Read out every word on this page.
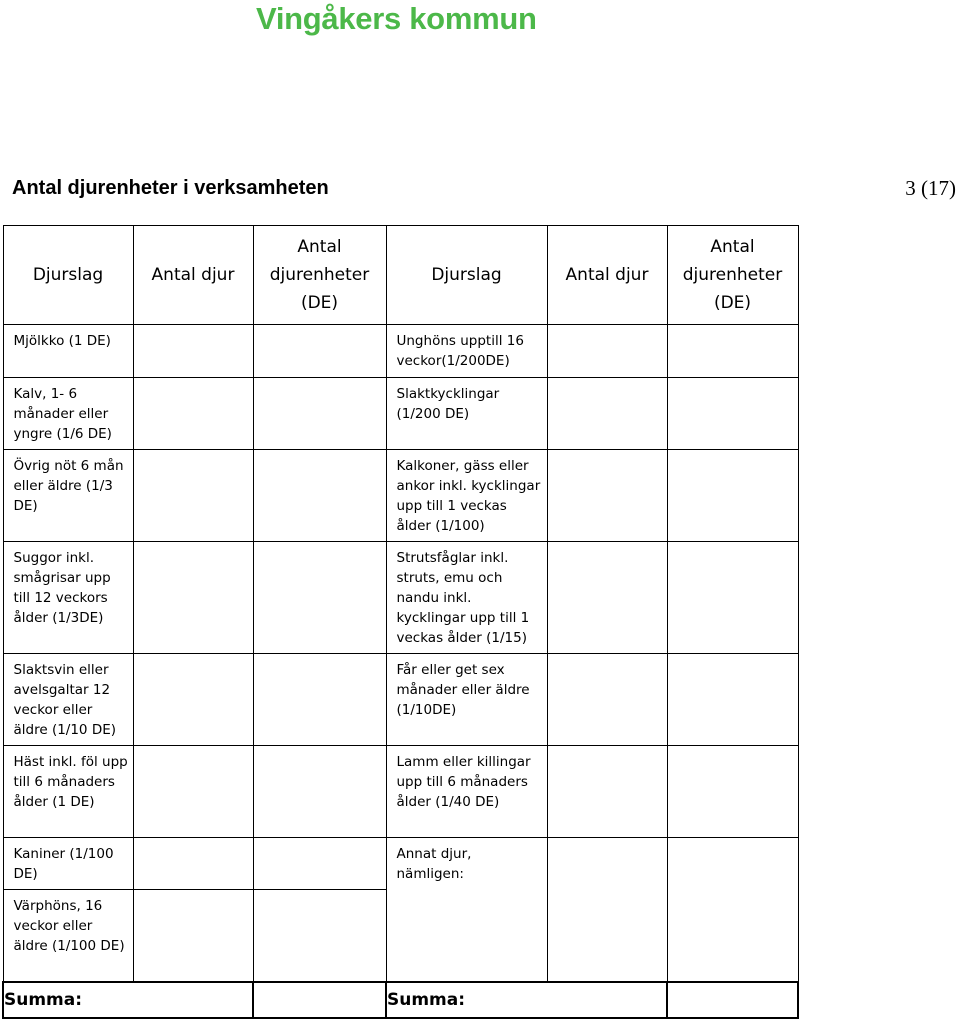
Vingåkers kommun
Antal djurenheter i verksamheten	3 (17)
Djurslag	Antal djur	Antal djurenheter (DE)	Djurslag	Antal djur	Antal djurenheter (DE)
Mjölkko (1 DE)			Unghöns upptill 16 veckor(1/200DE)		
Kalv, 1- 6 månader eller yngre (1/6 DE)			Slaktkycklingar (1/200 DE)		
Övrig nöt 6 mån eller äldre (1/3 DE)			Kalkoner, gäss eller ankor inkl. kycklingar upp till 1 veckas ålder (1/100)		
Suggor inkl. smågrisar upp till 12 veckors ålder (1/3DE)			Strutsfåglar inkl. struts, emu och nandu inkl. kycklingar upp till 1 veckas ålder (1/15)		
Slaktsvin eller avelsgaltar 12 veckor eller äldre (1/10 DE)			Får eller get sex månader eller äldre (1/10DE)		
Häst inkl. föl upp till 6 månaders ålder (1 DE)			Lamm eller killingar upp till 6 månaders ålder (1/40 DE)		
Kaniner (1/100 DE)			Annat djur, nämligen:		
Värphöns, 16 veckor eller äldre (1/100 DE)					
Summa:			Summa:		
